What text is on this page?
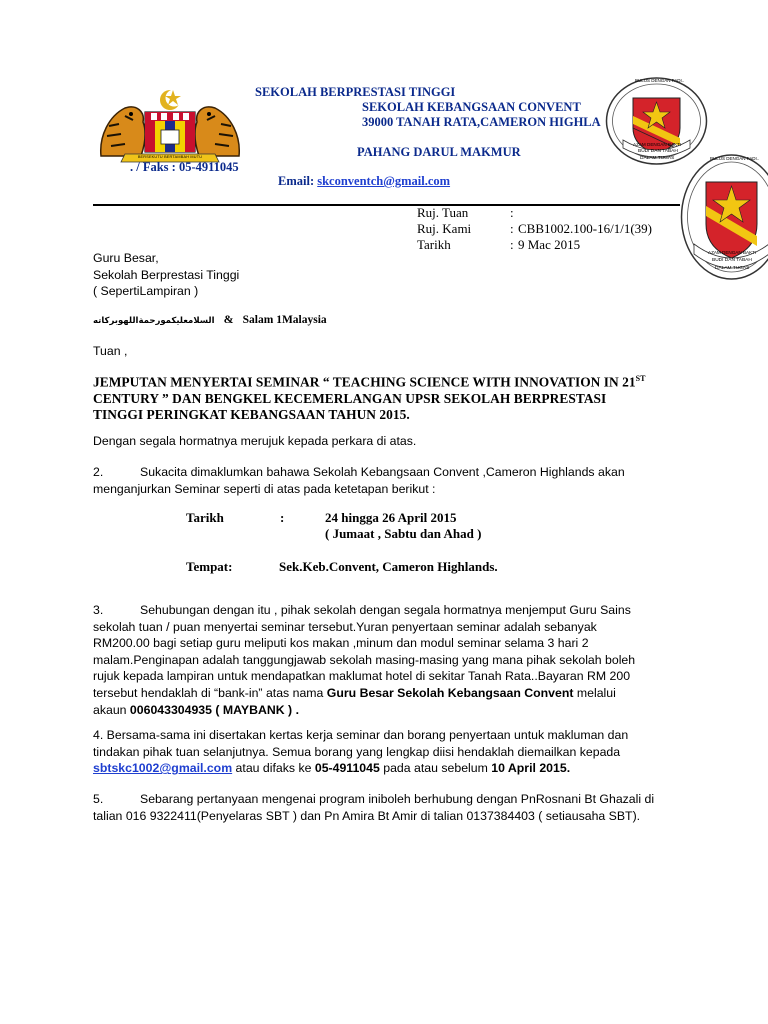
BERSEKUTU BERTAMBAH MUTU
SEKOLAH BERPRESTASI TINGGI
SEKOLAH KEBANGSAAN CONVENT
39000 TANAH RATA,CAMERON HIGHLA
PAHANG DARUL MAKMUR
. / Faks : 05-4911045
Email: skconventch@gmail.com
BULUS DENGAN FADI..
AZAM DENGAN BAKTI
BUDI DAN TABAH
DALAM TUGAS	BULUS DENGAN FADI..
AZAM DENGAN BAKTI
BUDI DAN TABAH
DALAM TUGAS
Ruj. Tuan	:
Ruj. Kami	: CBB1002.100-16/1/1(39)
Tarikh	: 9 Mac 2015
Guru Besar,
Sekolah Berprestasi Tinggi
( SepertiLampiran )
السلامعليكمورحمةاللهوبركاته & Salam 1Malaysia
Tuan ,
JEMPUTAN MENYERTAI SEMINAR “ TEACHING SCIENCE WITH INNOVATION IN 21ST
CENTURY ” DAN BENGKEL KECEMERLANGAN UPSR SEKOLAH BERPRESTASI
TINGGI PERINGKAT KEBANGSAAN TAHUN 2015.
Dengan segala hormatnya merujuk kepada perkara di atas.
2.	Sukacita dimaklumkan bahawa Sekolah Kebangsaan Convent ,Cameron Highlands akan
menganjurkan Seminar seperti di atas pada ketetapan berikut :
Tarikh	:	24 hingga 26 April 2015
( Jumaat , Sabtu dan Ahad )
Tempat:	Sek.Keb.Convent, Cameron Highlands.
3.	Sehubungan dengan itu , pihak sekolah dengan segala hormatnya menjemput Guru Sains
sekolah tuan / puan menyertai seminar tersebut.Yuran penyertaan seminar adalah sebanyak
RM200.00 bagi setiap guru meliputi kos makan ,minum dan modul seminar selama 3 hari 2
malam.Penginapan adalah tanggungjawab sekolah masing-masing yang mana pihak sekolah boleh
rujuk kepada lampiran untuk mendapatkan maklumat hotel di sekitar Tanah Rata..Bayaran RM 200
tersebut hendaklah di “bank-in” atas nama Guru Besar Sekolah Kebangsaan Convent melalui
akaun 006043304935 ( MAYBANK ) .
4. Bersama-sama ini disertakan kertas kerja seminar dan borang penyertaan untuk makluman dan
tindakan pihak tuan selanjutnya. Semua borang yang lengkap diisi hendaklah diemailkan kepada
sbtskc1002@gmail.com atau difaks ke 05-4911045 pada atau sebelum 10 April 2015.
5.	Sebarang pertanyaan mengenai program iniboleh berhubung dengan PnRosnani Bt Ghazali di
talian 016 9322411(Penyelaras SBT ) dan Pn Amira Bt Amir di talian 0137384403 ( setiausaha SBT).
